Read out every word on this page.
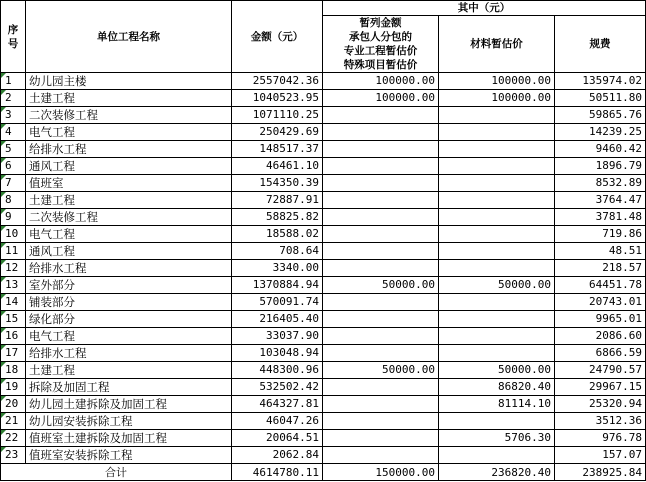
序号	单位工程名称	金额（元）	其中（元）		
			暂列金额
承包人分包的
专业工程暂估价
特殊项目暂估价	材料暂估价	规费
1	幼儿园主楼	2557042.36	100000.00	100000.00	135974.02
2	土建工程	1040523.95	100000.00	100000.00	50511.80
3	二次装修工程	1071110.25			59865.76
4	电气工程	250429.69			14239.25
5	给排水工程	148517.37			9460.42
6	通风工程	46461.10			1896.79
7	值班室	154350.39			8532.89
8	土建工程	72887.91			3764.47
9	二次装修工程	58825.82			3781.48
10	电气工程	18588.02			719.86
11	通风工程	708.64			48.51
12	给排水工程	3340.00			218.57
13	室外部分	1370884.94	50000.00	50000.00	64451.78
14	铺装部分	570091.74			20743.01
15	绿化部分	216405.40			9965.01
16	电气工程	33037.90			2086.60
17	给排水工程	103048.94			6866.59
18	土建工程	448300.96	50000.00	50000.00	24790.57
19	拆除及加固工程	532502.42		86820.40	29967.15
20	幼儿园土建拆除及加固工程	464327.81		81114.10	25320.94
21	幼儿园安装拆除工程	46047.26			3512.36
22	值班室土建拆除及加固工程	20064.51		5706.30	976.78
23	值班室安装拆除工程	2062.84			157.07
合计		4614780.11	150000.00	236820.40	238925.84
